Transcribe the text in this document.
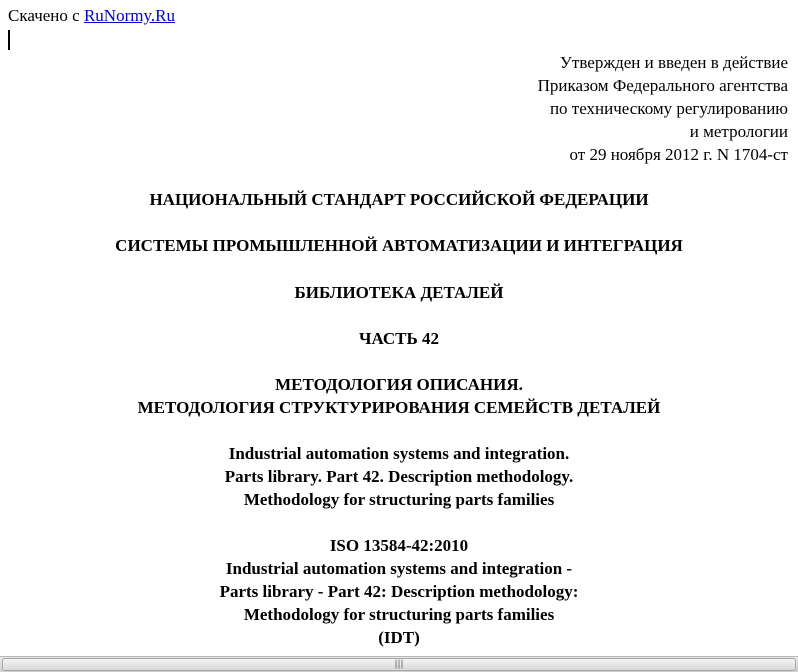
Скачено с RuNormy.Ru
Утвержден и введен в действие
Приказом Федерального агентства
по техническому регулированию
и метрологии
от 29 ноября 2012 г. N 1704-ст
НАЦИОНАЛЬНЫЙ СТАНДАРТ РОССИЙСКОЙ ФЕДЕРАЦИИ
СИСТЕМЫ ПРОМЫШЛЕННОЙ АВТОМАТИЗАЦИИ И ИНТЕГРАЦИЯ
БИБЛИОТЕКА ДЕТАЛЕЙ
ЧАСТЬ 42
МЕТОДОЛОГИЯ ОПИСАНИЯ.
МЕТОДОЛОГИЯ СТРУКТУРИРОВАНИЯ СЕМЕЙСТВ ДЕТАЛЕЙ
Industrial automation systems and integration.
Parts library. Part 42. Description methodology.
Methodology for structuring parts families
ISO 13584-42:2010
Industrial automation systems and integration -
Parts library - Part 42: Description methodology:
Methodology for structuring parts families
(IDT)
|||
